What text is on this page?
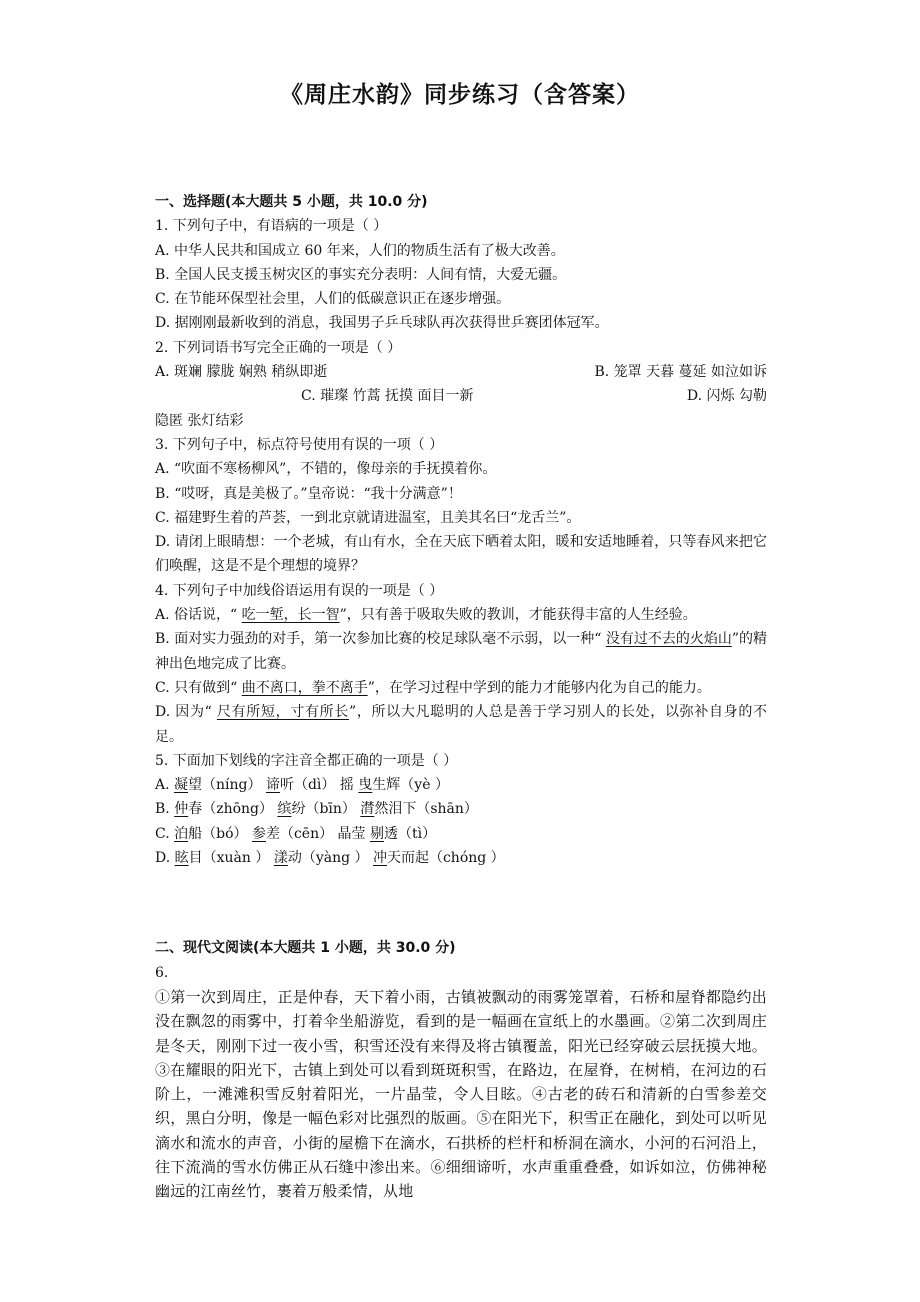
《周庄水韵》同步练习（含答案）
一、选择题(本大题共 5 小题，共 10.0 分)
1. 下列句子中，有语病的一项是（ ）
A. 中华人民共和国成立 60 年来，人们的物质生活有了极大改善。
B. 全国人民支援玉树灾区的事实充分表明：人间有情，大爱无疆。
C. 在节能环保型社会里，人们的低碳意识正在逐步增强。
D. 据刚刚最新收到的消息，我国男子乒乓球队再次获得世乒赛团体冠军。
2. 下列词语书写完全正确的一项是（ ）
A. 斑斓 朦胧 娴熟 稍纵即逝	B. 笼罩 天暮 蔓延 如泣如诉
C. 璀璨 竹蒿 抚摸 面目一新	D. 闪烁 勾勒
隐匿 张灯结彩
3. 下列句子中，标点符号使用有误的一项（ ）
A. “吹面不寒杨柳风”，不错的，像母亲的手抚摸着你。
B. “哎呀，真是美极了。”皇帝说：“我十分满意”！
C. 福建野生着的芦荟，一到北京就请进温室，且美其名曰“龙舌兰”。
D. 请闭上眼睛想：一个老城，有山有水，全在天底下晒着太阳，暖和安适地睡着，只等春风来把它们唤醒，这是不是个理想的境界？
4. 下列句子中加线俗语运用有误的一项是（ ）
A. 俗话说，“ 吃一堑，长一智”，只有善于吸取失败的教训，才能获得丰富的人生经验。
B. 面对实力强劲的对手，第一次参加比赛的校足球队毫不示弱，以一种“ 没有过不去的火焰山”的精神出色地完成了比赛。
C. 只有做到“ 曲不离口，拳不离手”，在学习过程中学到的能力才能够内化为自己的能力。
D. 因为“ 尺有所短，寸有所长”，所以大凡聪明的人总是善于学习别人的长处，以弥补自身的不足。
5. 下面加下划线的字注音全都正确的一项是（ ）
A. 凝望（níng） 谛听（dì） 摇 曳生辉（yè ）
B. 仲春（zhōng） 缤纷（bīn） 潸然泪下（shān）
C. 泊船（bó） 参差（cēn） 晶莹 剔透（tì）
D. 眩目（xuàn ） 漾动（yàng ） 冲天而起（chóng ）
二、现代文阅读(本大题共 1 小题，共 30.0 分)
6.
①第一次到周庄，正是仲春，天下着小雨，古镇被飘动的雨雾笼罩着，石桥和屋脊都隐约出没在飘忽的雨雾中，打着伞坐船游览，看到的是一幅画在宣纸上的水墨画。②第二次到周庄是冬天，刚刚下过一夜小雪，积雪还没有来得及将古镇覆盖，阳光已经穿破云层抚摸大地。③在耀眼的阳光下，古镇上到处可以看到斑斑积雪，在路边，在屋脊，在树梢，在河边的石阶上，一滩滩积雪反射着阳光，一片晶莹，令人目眩。④古老的砖石和清新的白雪参差交织，黑白分明，像是一幅色彩对比强烈的版画。⑤在阳光下，积雪正在融化，到处可以听见滴水和流水的声音，小街的屋檐下在滴水，石拱桥的栏杆和桥洞在滴水，小河的石河沿上，往下流淌的雪水仿佛正从石缝中渗出来。⑥细细谛听，水声重重叠叠，如诉如泣，仿佛神秘幽远的江南丝竹，裹着万般柔情，从地
